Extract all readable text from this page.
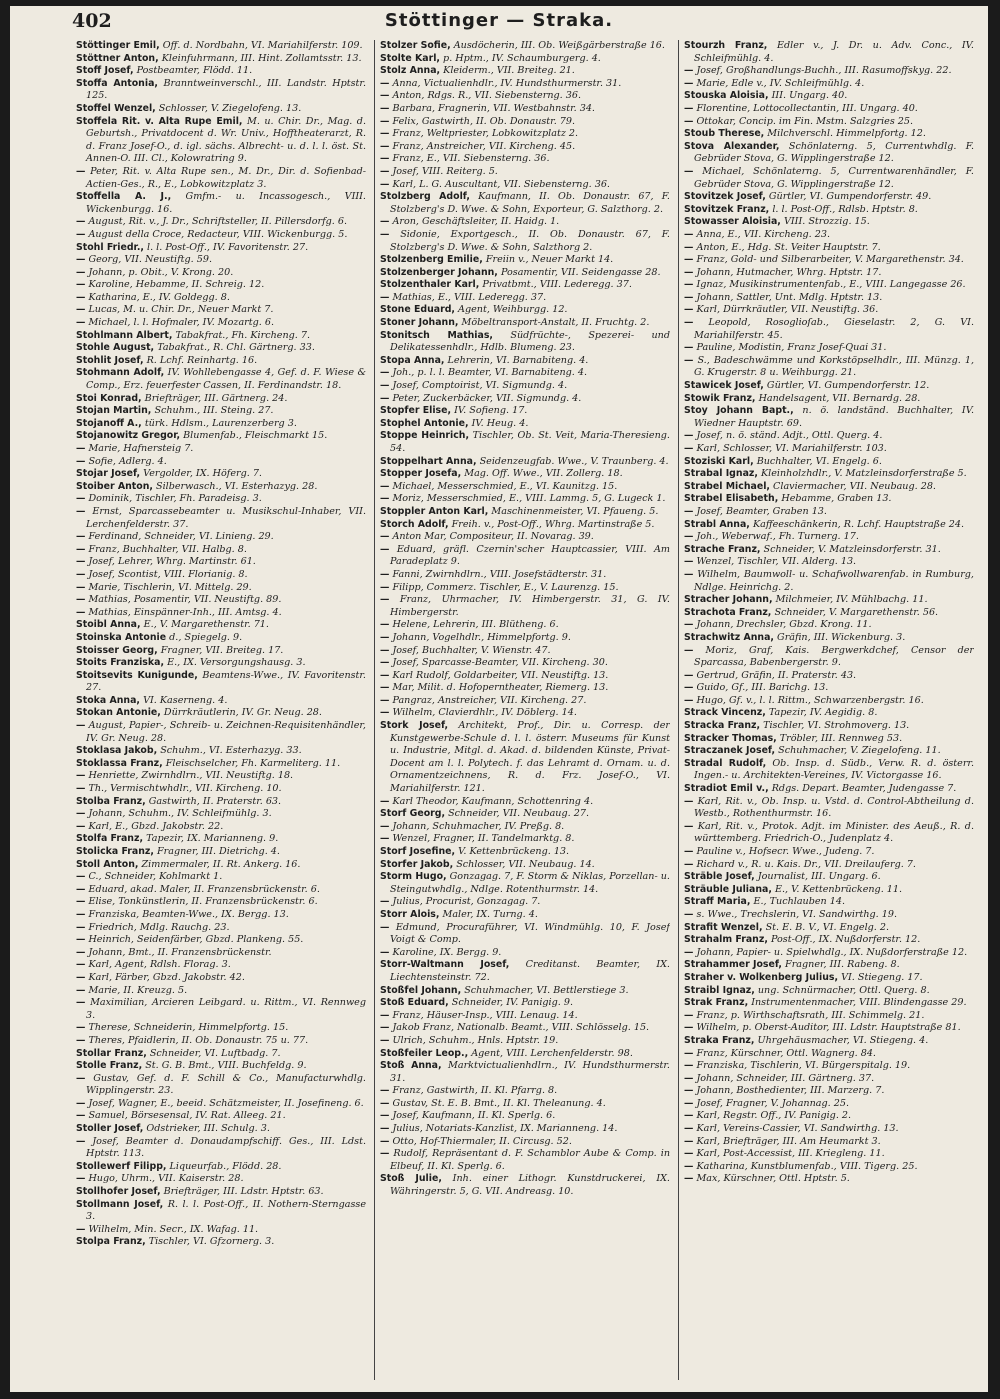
402	Stöttinger — Straka.

Stöttinger Emil, Off. d. Nordbahn, VI. Mariahilferstr. 109.

Stöttner Anton, Kleinfuhrmann, III. Hint. Zollamtsstr. 13.

Stoff Josef, Postbeamter, Flödd. 11.

Stoffa Antonia, Branntweinverschl., III. Landstr. Hptstr. 125.

Stoffel Wenzel, Schlosser, V. Ziegelofeng. 13.

Stoffela Rit. v. Alta Rupe Emil, M. u. Chir. Dr., Mag. d. Geburtsh., Privatdocent d. Wr. Univ., Hofftheaterarzt, R. d. Franz Josef-O., d. igl. sächs. Albrecht- u. d. l. l. öst. St. Annen-O. III. Cl., Kolowratring 9.

— Peter, Rit. v. Alta Rupe sen., M. Dr., Dir. d. Sofienbad-Actien-Ges., R., E., Lobkowitzplatz 3.

Stoffella A. J., Gmfm.- u. Incassogesch., VIII. Wickenburgg. 16.

— August, Rit. v., J. Dr., Schriftsteller, II. Pillersdorfg. 6.

— August della Croce, Redacteur, VIII. Wickenburgg. 5.

Stohl Friedr., l. l. Post-Off., IV. Favoritenstr. 27.

— Georg, VII. Neustiftg. 59.

— Johann, p. Obit., V. Krong. 20.

— Karoline, Hebamme, II. Schreig. 12.

— Katharina, E., IV. Goldegg. 8.

— Lucas, M. u. Chir. Dr., Neuer Markt 7.

— Michael, l. l. Hofmaler, IV. Mozartg. 6.

Stohlmann Albert, Tabakfrat., Fh. Kircheng. 7.

Stohle August, Tabakfrat., R. Chl. Gärtnerg. 33.

Stohlit Josef, R. Lchf. Reinhartg. 16.

Stohmann Adolf, IV. Wohllebengasse 4, Gef. d. F. Wiese & Comp., Erz. feuerfester Cassen, II. Ferdinandstr. 18.

Stoi Konrad, Briefträger, III. Gärtnerg. 24.

Stojan Martin, Schuhm., III. Steing. 27.

Stojanoff A., türk. Hdlsm., Laurenzerberg 3.

Stojanowitz Gregor, Blumenfab., Fleischmarkt 15.

— Marie, Hafnersteig 7.

— Sofie, Adlerg. 4.

Stojar Josef, Vergolder, IX. Höferg. 7.

Stoiber Anton, Silberwasch., VI. Esterhazyg. 28.

— Dominik, Tischler, Fh. Paradeisg. 3.

— Ernst, Sparcassebeamter u. Musikschul-Inhaber, VII. Lerchenfelderstr. 37.

— Ferdinand, Schneider, VI. Linieng. 29.

— Franz, Buchhalter, VII. Halbg. 8.

— Josef, Lehrer, Whrg. Martinstr. 61.

— Josef, Scontist, VIII. Florianig. 8.

— Marie, Tischlerin, VI. Mittelg. 29.

— Mathias, Posamentir, VII. Neustiftg. 89.

— Mathias, Einspänner-Inh., III. Amtsg. 4.

Stoibl Anna, E., V. Margarethenstr. 71.

Stoinska Antonie d., Spiegelg. 9.

Stoisser Georg, Fragner, VII. Breiteg. 17.

Stoits Franziska, E., IX. Versorgungshausg. 3.

Stoitsevits Kunigunde, Beamtens-Wwe., IV. Favoritenstr. 27.

Stoka Anna, VI. Kaserneng. 4.

Stokan Antonie, Dürrkräutlerin, IV. Gr. Neug. 28.

— August, Papier-, Schreib- u. Zeichnen-Requisitenhändler, IV. Gr. Neug. 28.

Stoklasa Jakob, Schuhm., VI. Esterhazyg. 33.

Stoklassa Franz, Fleischselcher, Fh. Karmeliterg. 11.

— Henriette, Zwirnhdlrn., VII. Neustiftg. 18.

— Th., Vermischtwhdlr., VII. Kircheng. 10.

Stolba Franz, Gastwirth, II. Praterstr. 63.

— Johann, Schuhm., IV. Schleifmühlg. 3.

— Karl, E., Gbzd. Jakobstr. 22.

Stolfa Franz, Tapezir, IX. Marianneng. 9.

Stolicka Franz, Fragner, III. Dietrichg. 4.

Stoll Anton, Zimmermaler, II. Rt. Ankerg. 16.

— C., Schneider, Kohlmarkt 1.

— Eduard, akad. Maler, II. Franzensbrückenstr. 6.

— Elise, Tonkünstlerin, II. Franzensbrückenstr. 6.

— Franziska, Beamten-Wwe., IX. Bergg. 13.

— Friedrich, Mdlg. Rauchg. 23.

— Heinrich, Seidenfärber, Gbzd. Plankeng. 55.

— Johann, Bmt., II. Franzensbrückenstr.

— Karl, Agent, Rdlsh. Florag. 3.

— Karl, Färber, Gbzd. Jakobstr. 42.

— Marie, II. Kreuzg. 5.

— Maximilian, Arcieren Leibgard. u. Rittm., VI. Rennweg 3.

— Therese, Schneiderin, Himmelpfortg. 15.

— Theres, Pfaidlerin, II. Ob. Donaustr. 75 u. 77.

Stollar Franz, Schneider, VI. Luftbadg. 7.

Stolle Franz, St. G. B. Bmt., VIII. Buchfeldg. 9.

— Gustav, Gef. d. F. Schill & Co., Manufacturwhdlg. Wipplingerstr. 23.

— Josef, Wagner, E., beeid. Schätzmeister, II. Josefineng. 6.

— Samuel, Börsesensal, IV. Rat. Alleeg. 21.

Stoller Josef, Odstrieker, III. Schulg. 3.

— Josef, Beamter d. Donaudampfschiff. Ges., III. Ldst. Hptstr. 113.

Stollewerf Filipp, Liqueurfab., Flödd. 28.

— Hugo, Uhrm., VII. Kaiserstr. 28.

Stollhofer Josef, Briefträger, III. Ldstr. Hptstr. 63.

Stollmann Josef, R. l. l. Post-Off., II. Nothern-Sterngasse 3.

— Wilhelm, Min. Secr., IX. Wafag. 11.

Stolpa Franz, Tischler, VI. Gfzornerg. 3.

Stolzer Sofie, Ausdöcherin, III. Ob. Weißgärberstraße 16.

Stolte Karl, p. Hptm., IV. Schaumburgerg. 4.

Stolz Anna, Kleiderm., VII. Breiteg. 21.

— Anna, Victualienhdlr., IV. Hundsthurmerstr. 31.

— Anton, Rdgs. R., VII. Siebensterng. 36.

— Barbara, Fragnerin, VII. Westbahnstr. 34.

— Felix, Gastwirth, II. Ob. Donaustr. 79.

— Franz, Weltpriester, Lobkowitzplatz 2.

— Franz, Anstreicher, VII. Kircheng. 45.

— Franz, E., VII. Siebensterng. 36.

— Josef, VIII. Reiterg. 5.

— Karl, L. G. Auscultant, VII. Siebensterng. 36.

Stolzberg Adolf, Kaufmann, II. Ob. Donaustr. 67, F. Stolzberg's D. Wwe. & Sohn, Exporteur, G. Salzthorg. 2.

— Aron, Geschäftsleiter, II. Haidg. 1.

— Sidonie, Exportgesch., II. Ob. Donaustr. 67, F. Stolzberg's D. Wwe. & Sohn, Salzthorg 2.

Stolzenberg Emilie, Freiin v., Neuer Markt 14.

Stolzenberger Johann, Posamentir, VII. Seidengasse 28.

Stolzenthaler Karl, Privatbmt., VIII. Lederegg. 37.

— Mathias, E., VIII. Lederegg. 37.

Stone Eduard, Agent, Weihburgg. 12.

Stoner Johann, Möbeltransport-Anstalt, II. Fruchtg. 2.

Stonitsch Mathias, Südfrüchte-, Spezerei- und Delikatessenhdlr., Hdlb. Blumeng. 23.

Stopa Anna, Lehrerin, VI. Barnabiteng. 4.

— Joh., p. l. l. Beamter, VI. Barnabiteng. 4.

— Josef, Comptoirist, VI. Sigmundg. 4.

— Peter, Zuckerbäcker, VII. Sigmundg. 4.

Stopfer Elise, IV. Sofieng. 17.

Stophel Antonie, IV. Heug. 4.

Stoppe Heinrich, Tischler, Ob. St. Veit, Maria-Theresieng. 54.

Stoppelhart Anna, Seidenzeugfab. Wwe., V. Traunberg. 4.

Stopper Josefa, Mag. Off. Wwe., VII. Zollerg. 18.

— Michael, Messerschmied, E., VI. Kaunitzg. 15.

— Moriz, Messerschmied, E., VIII. Lammg. 5, G. Lugeck 1.

Stoppler Anton Karl, Maschinenmeister, VI. Pfaueng. 5.

Storch Adolf, Freih. v., Post-Off., Whrg. Martinstraße 5.

— Anton Mar, Compositeur, II. Novarag. 39.

— Eduard, gräfl. Czernin'scher Hauptcassier, VIII. Am Paradeplatz 9.

— Fanni, Zwirnhdlrn., VIII. Josefstädterstr. 31.

— Filipp, Commerz. Tischler, E., V. Laurenzg. 15.

— Franz, Uhrmacher, IV. Himbergerstr. 31, G. IV. Himbergerstr.

— Helene, Lehrerin, III. Blütheng. 6.

— Johann, Vogelhdlr., Himmelpfortg. 9.

— Josef, Buchhalter, V. Wienstr. 47.

— Josef, Sparcasse-Beamter, VII. Kircheng. 30.

— Karl Rudolf, Goldarbeiter, VII. Neustiftg. 13.

— Mar, Milit. d. Hofoperntheater, Riemerg. 13.

— Pangraz, Anstreicher, VII. Kircheng. 27.

— Wilhelm, Clavierdhlr., IV. Döblerg. 14.

Stork Josef, Architekt, Prof., Dir. u. Corresp. der Kunstgewerbe-Schule d. l. l. österr. Museums für Kunst u. Industrie, Mitgl. d. Akad. d. bildenden Künste, Privat-Docent am l. l. Polytech. f. das Lehramt d. Ornam. u. d. Ornamentzeichnens, R. d. Frz. Josef-O., VI. Mariahilferstr. 121.

— Karl Theodor, Kaufmann, Schottenring 4.

Storf Georg, Schneider, VII. Neubaug. 27.

— Johann, Schuhmacher, IV. Preßg. 8.

— Wenzel, Fragner, II. Tandelmarktg. 8.

Storf Josefine, V. Kettenbrückeng. 13.

Storfer Jakob, Schlosser, VII. Neubaug. 14.

Storm Hugo, Gonzagag. 7, F. Storm & Niklas, Porzellan- u. Steingutwhdlg., Ndlge. Rotenthurmstr. 14.

— Julius, Procurist, Gonzagag. 7.

Storr Alois, Maler, IX. Turng. 4.

— Edmund, Procuraführer, VI. Windmühlg. 10, F. Josef Voigt & Comp.

— Karoline, IX. Bergg. 9.

Storr-Waltmann Josef, Creditanst. Beamter, IX. Liechtensteinstr. 72.

Stoßfel Johann, Schuhmacher, VI. Bettlerstiege 3.

Stoß Eduard, Schneider, IV. Panigig. 9.

— Franz, Häuser-Insp., VIII. Lenaug. 14.

— Jakob Franz, Nationalb. Beamt., VIII. Schlösselg. 15.

— Ulrich, Schuhm., Hnls. Hptstr. 19.

Stoßfeiler Leop., Agent, VIII. Lerchenfelderstr. 98.

Stoß Anna, Marktvictualienhdlrn., IV. Hundsthurmerstr. 31.

— Franz, Gastwirth, II. Kl. Pfarrg. 8.

— Gustav, St. E. B. Bmt., II. Kl. Theleanung. 4.

— Josef, Kaufmann, II. Kl. Sperlg. 6.

— Julius, Notariats-Kanzlist, IX. Marianneng. 14.

— Otto, Hof-Thiermaler, II. Circusg. 52.

— Rudolf, Repräsentant d. F. Schamblor Aube & Comp. in Elbeuf, II. Kl. Sperlg. 6.

Stoß Julie, Inh. einer Lithogr. Kunstdruckerei, IX. Währingerstr. 5, G. VII. Andreasg. 10.

Stourzh Franz, Edler v., J. Dr. u. Adv. Conc., IV. Schleifmühlg. 4.

— Josef, Großhandlungs-Buchh., III. Rasumoffskyg. 22.

— Marie, Edle v., IV. Schleifmühlg. 4.

Stouska Aloisia, III. Ungarg. 40.

— Florentine, Lottocollectantin, III. Ungarg. 40.

— Ottokar, Concip. im Fin. Mstm. Salzgries 25.

Stoub Therese, Milchverschl. Himmelpfortg. 12.

Stova Alexander, Schönlaterng. 5, Currentwhdlg. F. Gebrüder Stova, G. Wipplingerstraße 12.

— Michael, Schönlaterng. 5, Currentwarenhändler, F. Gebrüder Stova, G. Wipplingerstraße 12.

Stovitzek Josef, Gürtler, VI. Gumpendorferstr. 49.

Stovitzek Franz, l. l. Post-Off., Rdlsb. Hptstr. 8.

Stowasser Aloisia, VIII. Strozzig. 15.

— Anna, E., VII. Kircheng. 23.

— Anton, E., Hdg. St. Veiter Hauptstr. 7.

— Franz, Gold- und Silberarbeiter, V. Margarethenstr. 34.

— Johann, Hutmacher, Whrg. Hptstr. 17.

— Ignaz, Musikinstrumentenfab., E., VIII. Langegasse 26.

— Johann, Sattler, Unt. Mdlg. Hptstr. 13.

— Karl, Dürrkräutler, VII. Neustiftg. 36.

— Leopold, Rosoglioſab., Gieselastr. 2, G. VI. Mariahilferstr. 45.

— Pauline, Modistin, Franz Josef-Quai 31.

— S., Badeschwämme und Korkstöpselhdlr., III. Münzg. 1, G. Krugerstr. 8 u. Weihburgg. 21.

Stawicek Josef, Gürtler, VI. Gumpendorferstr. 12.

Stowik Franz, Handelsagent, VII. Bernardg. 28.

Stoy Johann Bapt., n. ö. landständ. Buchhalter, IV. Wiedner Hauptstr. 69.

— Josef, n. ö. ständ. Adjt., Ottl. Querg. 4.

— Karl, Schlosser, VI. Mariahilferstr. 103.

Stoziski Karl, Buchhalter, VI. Engelg. 6.

Strabal Ignaz, Kleinholzhdlr., V. Matzleinsdorferstraße 5.

Strabel Michael, Claviermacher, VII. Neubaug. 28.

Strabel Elisabeth, Hebamme, Graben 13.

— Josef, Beamter, Graben 13.

Strabl Anna, Kaffeeschänkerin, R. Lchf. Hauptstraße 24.

— Joh., Weberwaf., Fh. Turnerg. 17.

Strache Franz, Schneider, V. Matzleinsdorferstr. 31.

— Wenzel, Tischler, VII. Alderg. 13.

— Wilhelm, Baumwoll- u. Schafwollwarenfab. in Rumburg, Ndlge. Heinrichg. 2.

Stracher Johann, Milchmeier, IV. Mühlbachg. 11.

Strachota Franz, Schneider, V. Margarethenstr. 56.

— Johann, Drechsler, Gbzd. Krong. 11.

Strachwitz Anna, Gräfin, III. Wickenburg. 3.

— Moriz, Graf, Kais. Bergwerkdchef, Censor der Sparcassa, Babenbergerstr. 9.

— Gertrud, Gräfin, II. Praterstr. 43.

— Guido, Gf., III. Barichg. 13.

— Hugo, Gf. v., l. l. Rittm., Schwarzenbergstr. 16.

Strack Vincenz, Tapezir, IV. Aegidig. 8.

Stracka Franz, Tischler, VI. Strohmoverg. 13.

Stracker Thomas, Tröbler, III. Rennweg 53.

Straczanek Josef, Schuhmacher, V. Ziegelofeng. 11.

Stradal Rudolf, Ob. Insp. d. Südb., Verw. R. d. österr. Ingen.- u. Architekten-Vereines, IV. Victorgasse 16.

Stradiot Emil v., Rdgs. Depart. Beamter, Judengasse 7.

— Karl, Rit. v., Ob. Insp. u. Vstd. d. Control-Abtheilung d. Westb., Rothenthurmstr. 16.

— Karl, Rit. v., Protok. Adjt. im Minister. des Aeuß., R. d. württemberg. Friedrich-O., Judenplatz 4.

— Pauline v., Hofsecr. Wwe., Judeng. 7.

— Richard v., R. u. Kais. Dr., VII. Dreilauferg. 7.

Sträble Josef, Journalist, III. Ungarg. 6.

Sträuble Juliana, E., V. Kettenbrückeng. 11.

Straff Maria, E., Tuchlauben 14.

— s. Wwe., Trechslerin, VI. Sandwirthg. 19.

Strafit Wenzel, St. E. B. V., VI. Engelg. 2.

Strahalm Franz, Post-Off., IX. Nußdorferstr. 12.

— Johann, Papier- u. Spielwhdlg., IX. Nußdorferstraße 12.

Strahammer Josef, Fragner, III. Rabeng. 8.

Straher v. Wolkenberg Julius, VI. Stiegeng. 17.

Straibl Ignaz, ung. Schnürmacher, Ottl. Querg. 8.

Strak Franz, Instrumentenmacher, VIII. Blindengasse 29.

— Franz, p. Wirthschaftsrath, III. Schimmelg. 21.

— Wilhelm, p. Oberst-Auditor, III. Ldstr. Hauptstraße 81.

Straka Franz, Uhrgehäusmacher, VI. Stiegeng. 4.

— Franz, Kürschner, Ottl. Wagnerg. 84.

— Franziska, Tischlerin, VI. Bürgerspitalg. 19.

— Johann, Schneider, III. Gärtnerg. 37.

— Johann, Bosthedienter, III. Marzerg. 7.

— Josef, Fragner, V. Johannag. 25.

— Karl, Regstr. Off., IV. Panigig. 2.

— Karl, Vereins-Cassier, VI. Sandwirthg. 13.

— Karl, Briefträger, III. Am Heumarkt 3.

— Karl, Post-Accessist, III. Kriegleng. 11.

— Katharina, Kunstblumenfab., VIII. Tigerg. 25.

— Max, Kürschner, Ottl. Hptstr. 5.
